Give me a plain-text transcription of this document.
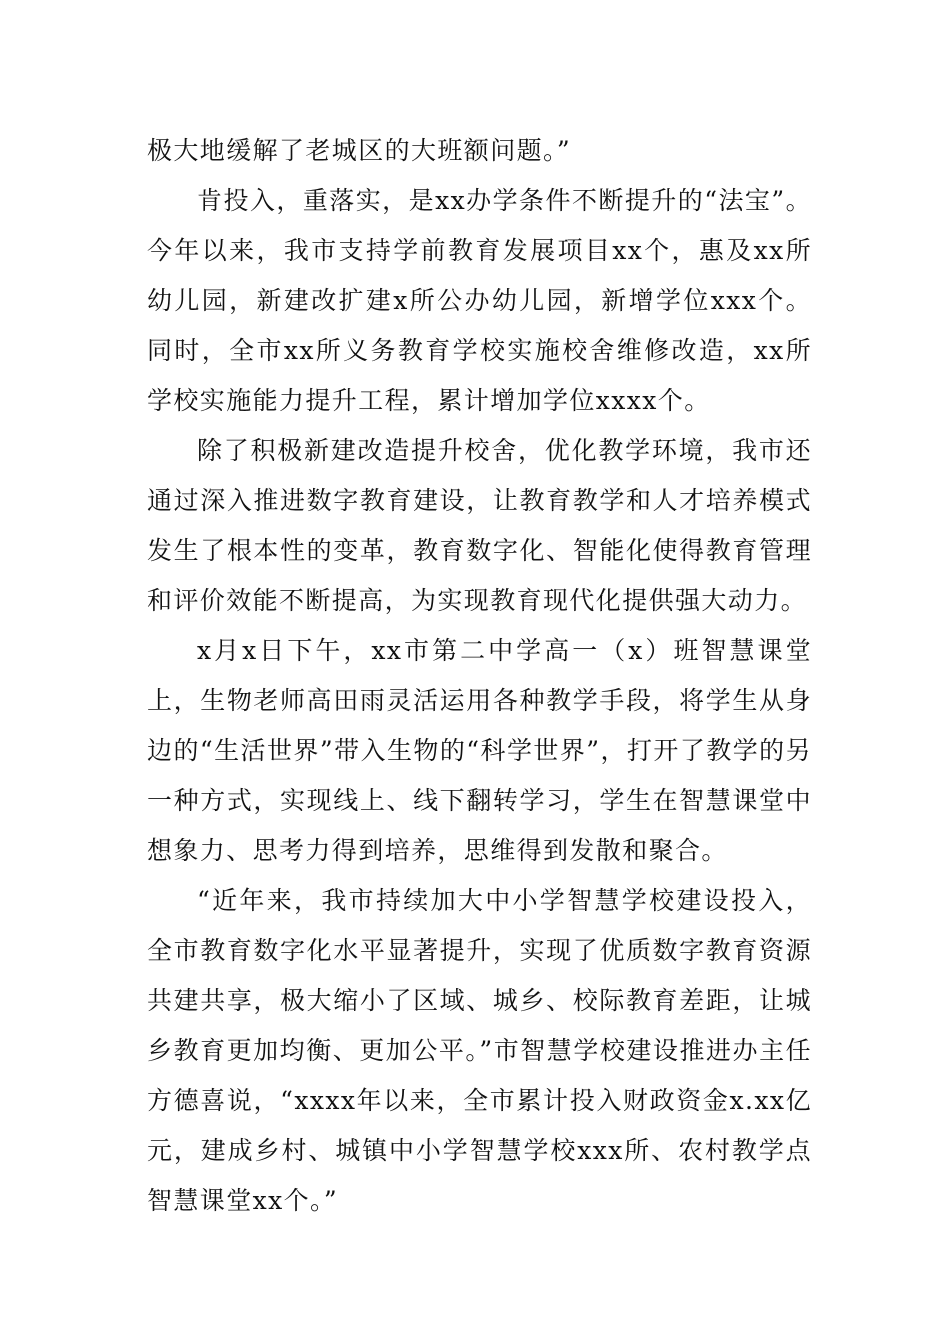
极大地缓解了老城区的大班额问题。”

肯投入，重落实，是xx办学条件不断提升的“法宝”。今年以来，我市支持学前教育发展项目xx个，惠及xx所幼儿园，新建改扩建x所公办幼儿园，新增学位xxx个。同时，全市xx所义务教育学校实施校舍维修改造，xx所学校实施能力提升工程，累计增加学位xxxx个。

除了积极新建改造提升校舍，优化教学环境，我市还通过深入推进数字教育建设，让教育教学和人才培养模式发生了根本性的变革，教育数字化、智能化使得教育管理和评价效能不断提高，为实现教育现代化提供强大动力。

x月x日下午，xx市第二中学高一（x）班智慧课堂上，生物老师高田雨灵活运用各种教学手段，将学生从身边的“生活世界”带入生物的“科学世界”，打开了教学的另一种方式，实现线上、线下翻转学习，学生在智慧课堂中想象力、思考力得到培养，思维得到发散和聚合。

“近年来，我市持续加大中小学智慧学校建设投入，全市教育数字化水平显著提升，实现了优质数字教育资源共建共享，极大缩小了区域、城乡、校际教育差距，让城乡教育更加均衡、更加公平。”市智慧学校建设推进办主任方德喜说，“xxxx年以来，全市累计投入财政资金x.xx亿元，建成乡村、城镇中小学智慧学校xxx所、农村教学点智慧课堂xx个。”
